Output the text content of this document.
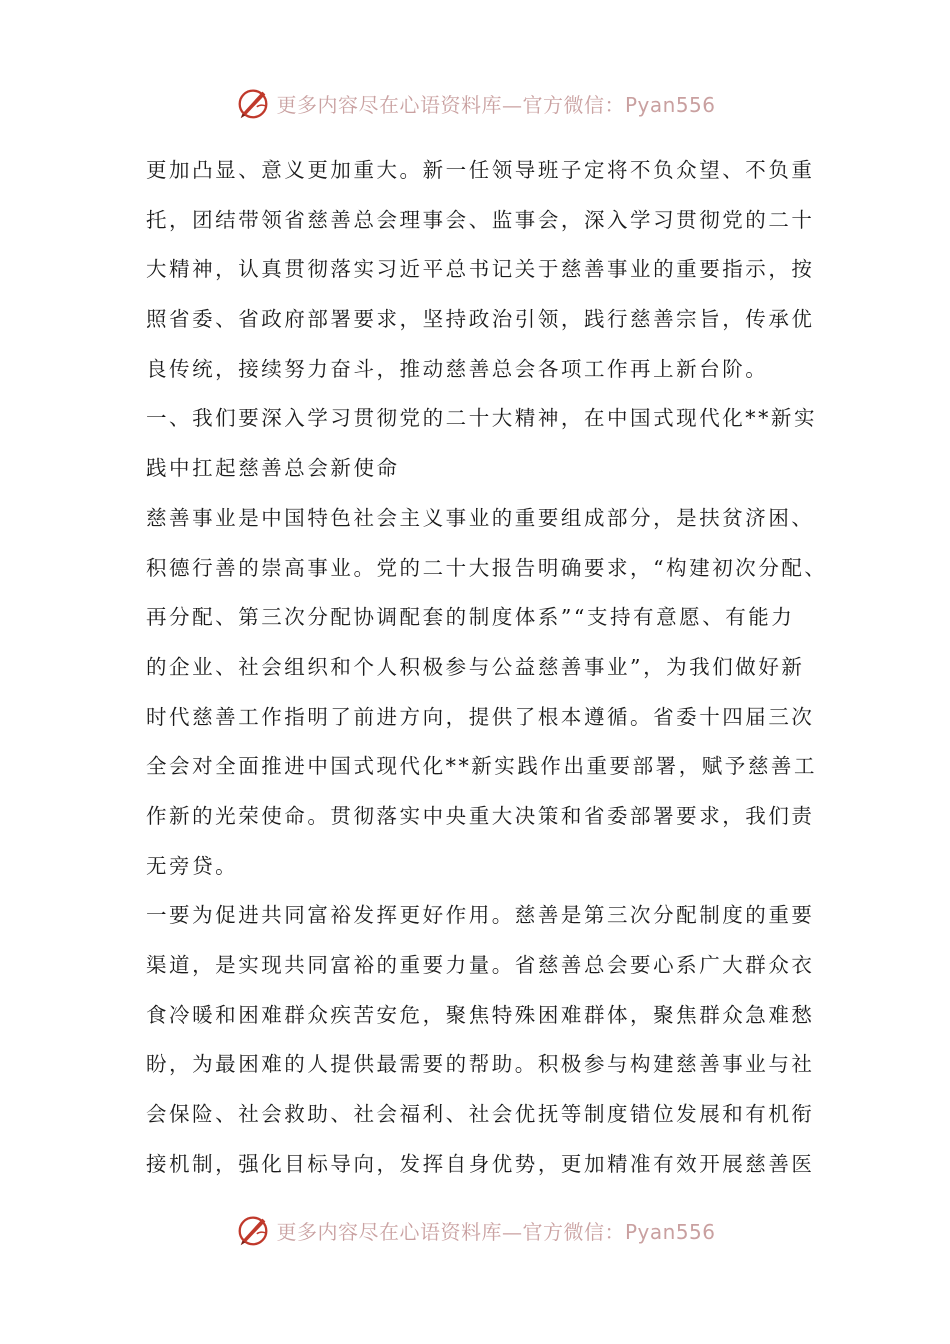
更多内容尽在心语资料库—官方微信：Pyan556
更加凸显、意义更加重大。新一任领导班子定将不负众望、不负重
托，团结带领省慈善总会理事会、监事会，深入学习贯彻党的二十
大精神，认真贯彻落实习近平总书记关于慈善事业的重要指示，按
照省委、省政府部署要求，坚持政治引领，践行慈善宗旨，传承优
良传统，接续努力奋斗，推动慈善总会各项工作再上新台阶。
一、我们要深入学习贯彻党的二十大精神，在中国式现代化**新实
践中扛起慈善总会新使命
慈善事业是中国特色社会主义事业的重要组成部分，是扶贫济困、
积德行善的崇高事业。党的二十大报告明确要求，“构建初次分配、
再分配、第三次分配协调配套的制度体系”“支持有意愿、有能力
的企业、社会组织和个人积极参与公益慈善事业”，为我们做好新
时代慈善工作指明了前进方向，提供了根本遵循。省委十四届三次
全会对全面推进中国式现代化**新实践作出重要部署，赋予慈善工
作新的光荣使命。贯彻落实中央重大决策和省委部署要求，我们责
无旁贷。
一要为促进共同富裕发挥更好作用。慈善是第三次分配制度的重要
渠道，是实现共同富裕的重要力量。省慈善总会要心系广大群众衣
食冷暖和困难群众疾苦安危，聚焦特殊困难群体，聚焦群众急难愁
盼，为最困难的人提供最需要的帮助。积极参与构建慈善事业与社
会保险、社会救助、社会福利、社会优抚等制度错位发展和有机衔
接机制，强化目标导向，发挥自身优势，更加精准有效开展慈善医
更多内容尽在心语资料库—官方微信：Pyan556
